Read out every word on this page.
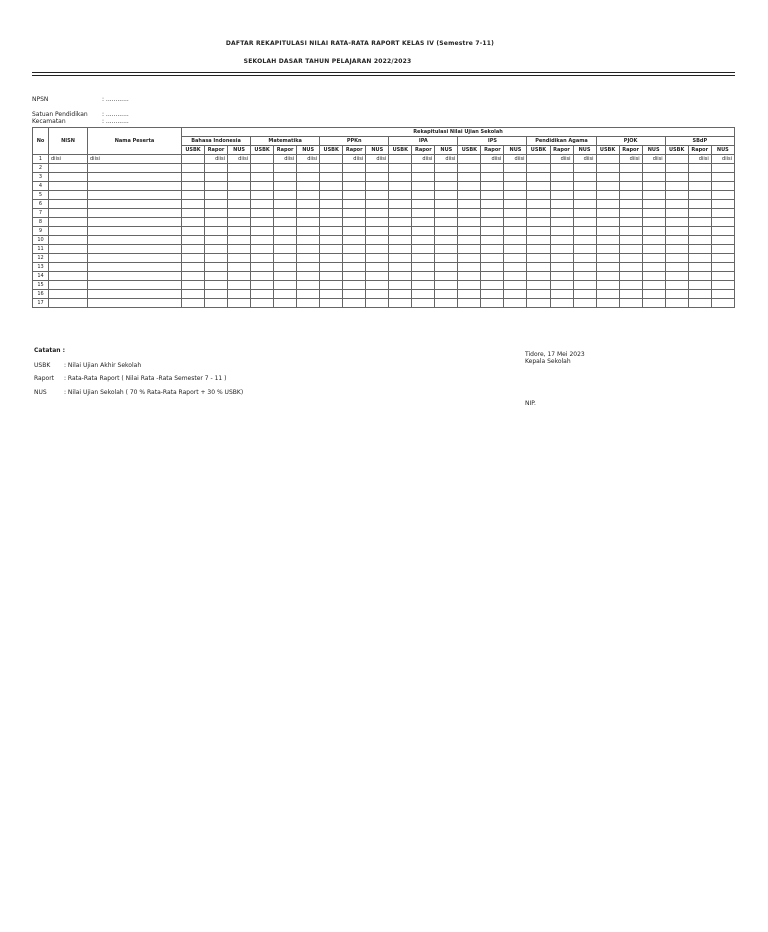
DAFTAR REKAPITULASI NILAI RATA-RATA RAPORT KELAS IV (Semestre 7-11)
SEKOLAH DASAR TAHUN PELAJARAN 2022/2023
NPSN	: ............
Satuan Pendidikan : ............
Kecamatan	: ............
No	NISN	Nama Peserta	Rekapitulasi Nilai Ujian Sekolah																							
			Bahasa Indonesia			Matematika			PPKn			IPA			IPS			Pendidikan Agama			PJOK			SBdP		
			USBK	Rapor	NUS	USBK	Rapor	NUS	USBK	Rapor	NUS	USBK	Rapor	NUS	USBK	Rapor	NUS	USBK	Rapor	NUS	USBK	Rapor	NUS	USBK	Rapor	NUS
1	diisi	diisi		diisi	diisi		diisi	diisi		diisi	diisi		diisi	diisi		diisi	diisi		diisi	diisi		diisi	diisi		diisi	diisi
2																										
3																										
4																										
5																										
6																										
7																										
8																										
9																										
10																										
11																										
12																										
13																										
14																										
15																										
16																										
17																										
Catatan :
USBK : Nilai Ujian Akhir Sekolah
Raport : Rata-Rata Raport ( Nilai Rata -Rata Semester 7 - 11 )
NUS	: Nilai Ujian Sekolah ( 70 % Rata-Rata Raport + 30 % USBK)
Tidore, 17 Mei 2023
Kepala Sekolah
NIP.
